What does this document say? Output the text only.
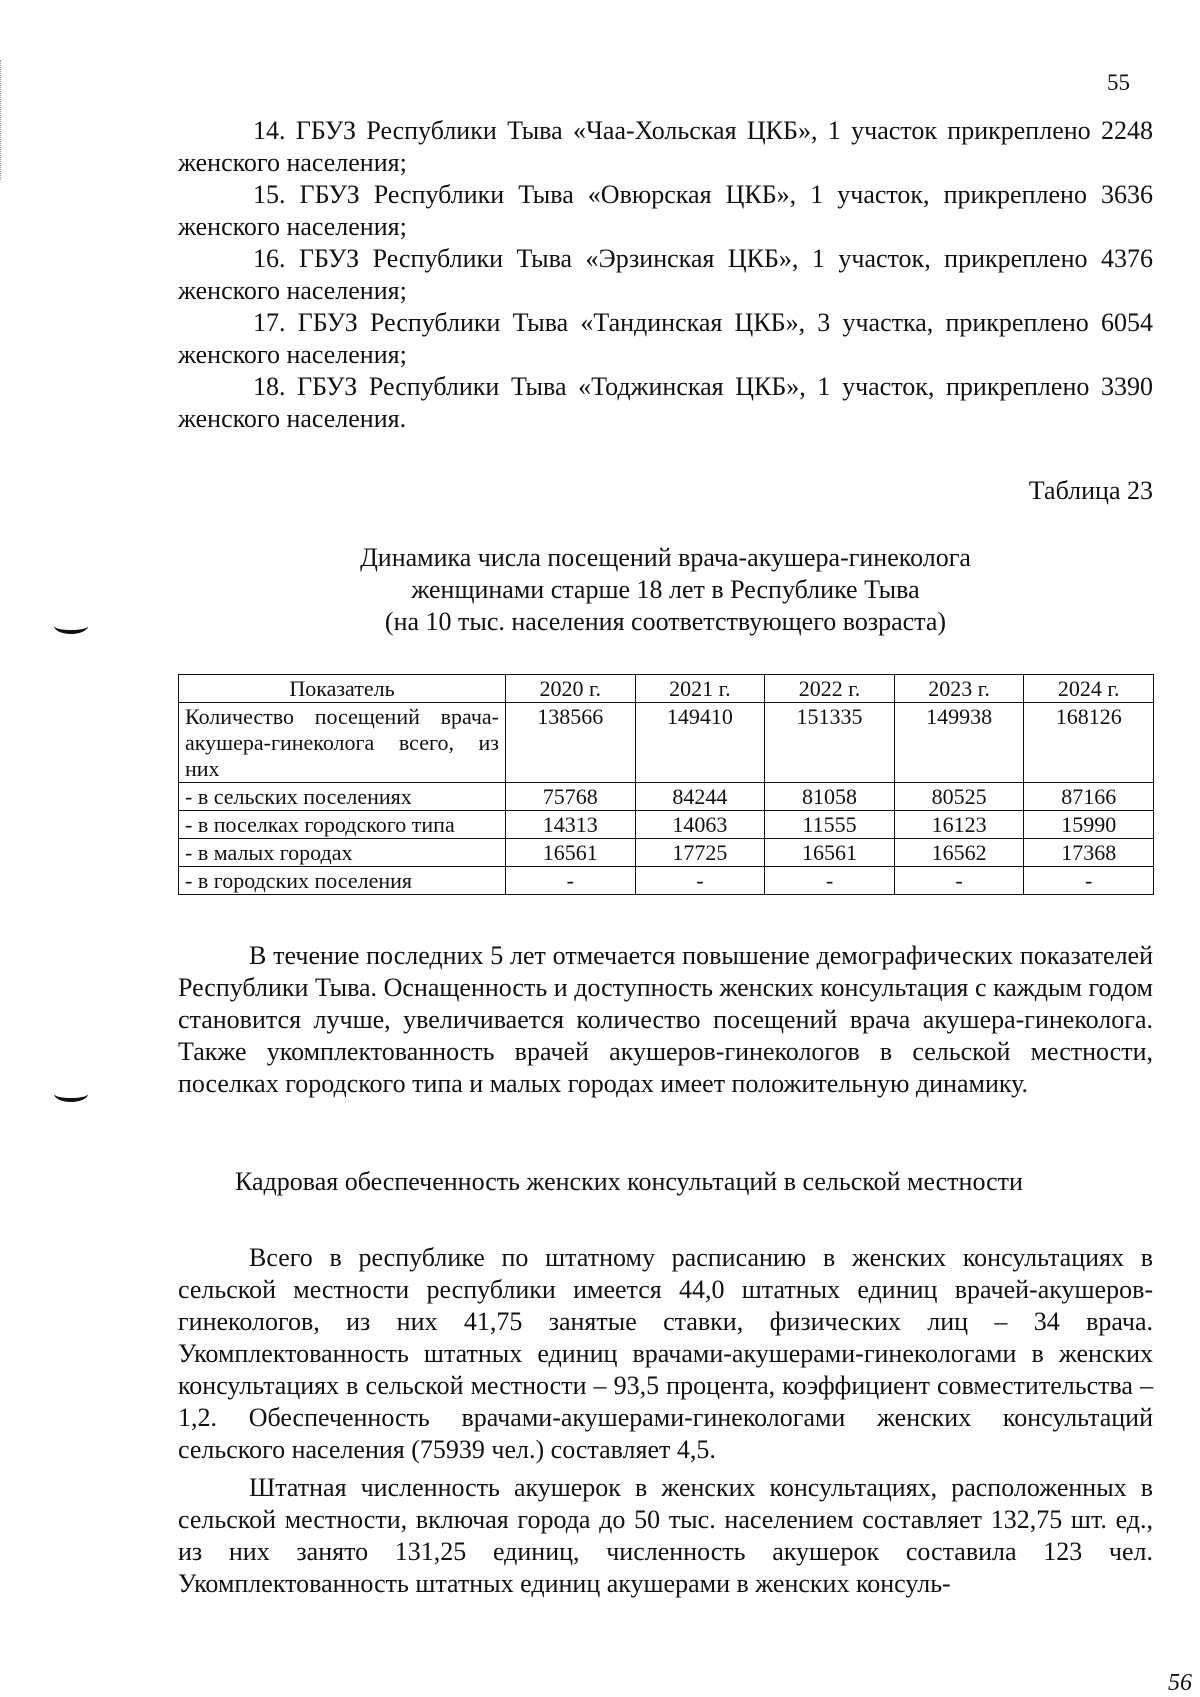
55

14. ГБУЗ Республики Тыва «Чаа-Хольская ЦКБ», 1 участок прикреплено 2248 женского населения;

15. ГБУЗ Республики Тыва «Овюрская ЦКБ», 1 участок, прикреплено 3636 женского населения;

16. ГБУЗ Республики Тыва «Эрзинская ЦКБ», 1 участок, прикреплено 4376 женского населения;

17. ГБУЗ Республики Тыва «Тандинская ЦКБ», 3 участка, прикреплено 6054 женского населения;

18. ГБУЗ Республики Тыва «Тоджинская ЦКБ», 1 участок, прикреплено 3390 женского населения.

Таблица 23
Динамика числа посещений врача-акушера-гинеколога
женщинами старше 18 лет в Республике Тыва
(на 10 тыс. населения соответствующего возраста)
Показатель	2020 г.	2021 г.	2022 г.	2023 г.	2024 г.
Количество посещений врача-акушера-гинеколога всего, из них	138566	149410	151335	149938	168126
- в сельских поселениях	75768	84244	81058	80525	87166
- в поселках городского типа	14313	14063	11555	16123	15990
- в малых городах	16561	17725	16561	16562	17368
- в городских поселения	-	-	-	-	-

В течение последних 5 лет отмечается повышение демографических показателей Республики Тыва. Оснащенность и доступность женских консультация с каждым годом становится лучше, увеличивается количество посещений врача акушера-гинеколога. Также укомплектованность врачей акушеров-гинекологов в сельской местности, поселках городского типа и малых городах имеет положительную динамику.

Кадровая обеспеченность женских консультаций в сельской местности

Всего в республике по штатному расписанию в женских консультациях в сельской местности республики имеется 44,0 штатных единиц врачей-акушеров-гинекологов, из них 41,75 занятые ставки, физических лиц – 34 врача. Укомплектованность штатных единиц врачами-акушерами-гинекологами в женских консультациях в сельской местности – 93,5 процента, коэффициент совместительства – 1,2. Обеспеченность врачами-акушерами-гинекологами женских консультаций сельского населения (75939 чел.) составляет 4,5.

Штатная численность акушерок в женских консультациях, расположенных в сельской местности, включая города до 50 тыс. населением составляет 132,75 шт. ед., из них занято 131,25 единиц, численность акушерок составила 123 чел. Укомплектованность штатных единиц акушерами в женских консуль-

56
